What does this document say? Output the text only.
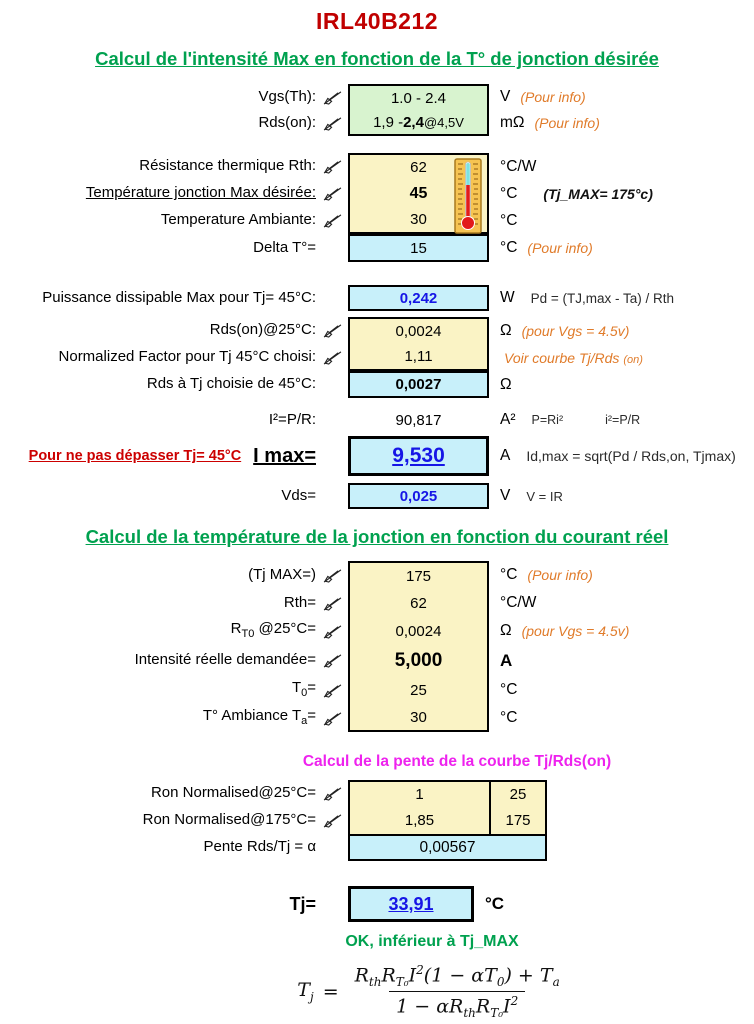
IRL40B212
Calcul de l'intensité Max en fonction de la T° de jonction désirée
Vgs(Th):	1.0 - 2.4	V (Pour info)
Rds(on):	1,9 - 2,4 @4,5V	mΩ (Pour info)
Résistance thermique Rth:	62	°C/W
Température jonction Max désirée:	45	°C	(Tj_MAX= 175°c)
Temperature Ambiante:	30	°C
Delta T°=	15	°C (Pour info)
Puissance dissipable Max pour Tj= 45°C:	0,242	W	Pd = (TJ,max - Ta) / Rth
Rds(on)@25°C:	0,0024	Ω (pour Vgs = 4.5v)
Normalized Factor pour Tj 45°C choisi:	1,11	Voir courbe Tj/Rds (on)
Rds à Tj choisie de 45°C:	0,0027	Ω
I²=P/R:	90,817	A²	P=Ri²	i²=P/R
Pour ne pas dépasser Tj= 45°C I max=	9,530	A	Id,max = sqrt(Pd / Rds,on, Tjmax)
Vds=	0,025	V	V = IR
Calcul de la température de la jonction en fonction du courant réel
(Tj MAX=)	175	°C (Pour info)
Rth=	62	°C/W
$R_{T0}$ @25°C=	0,0024	Ω (pour Vgs = 4.5v)
Intensité réelle demandée=	5,000	A
$T_0=$	25	°C
T° Ambiance $T_a=$	30	°C
Calcul de la pente de la courbe Tj/Rds(on)
Ron Normalised@25°C=	1	25
Ron Normalised@175°C=	1,85	175
Pente Rds/Tj = α	0,00567
Tj=	33,91	°C
OK, inférieur à Tj_MAX
$T_j = \frac{R_{th}R_{T_0}I^2(1 - \alpha T_0) + T_a}{1 - \alpha R_{th}R_{T_0}I^2}$
